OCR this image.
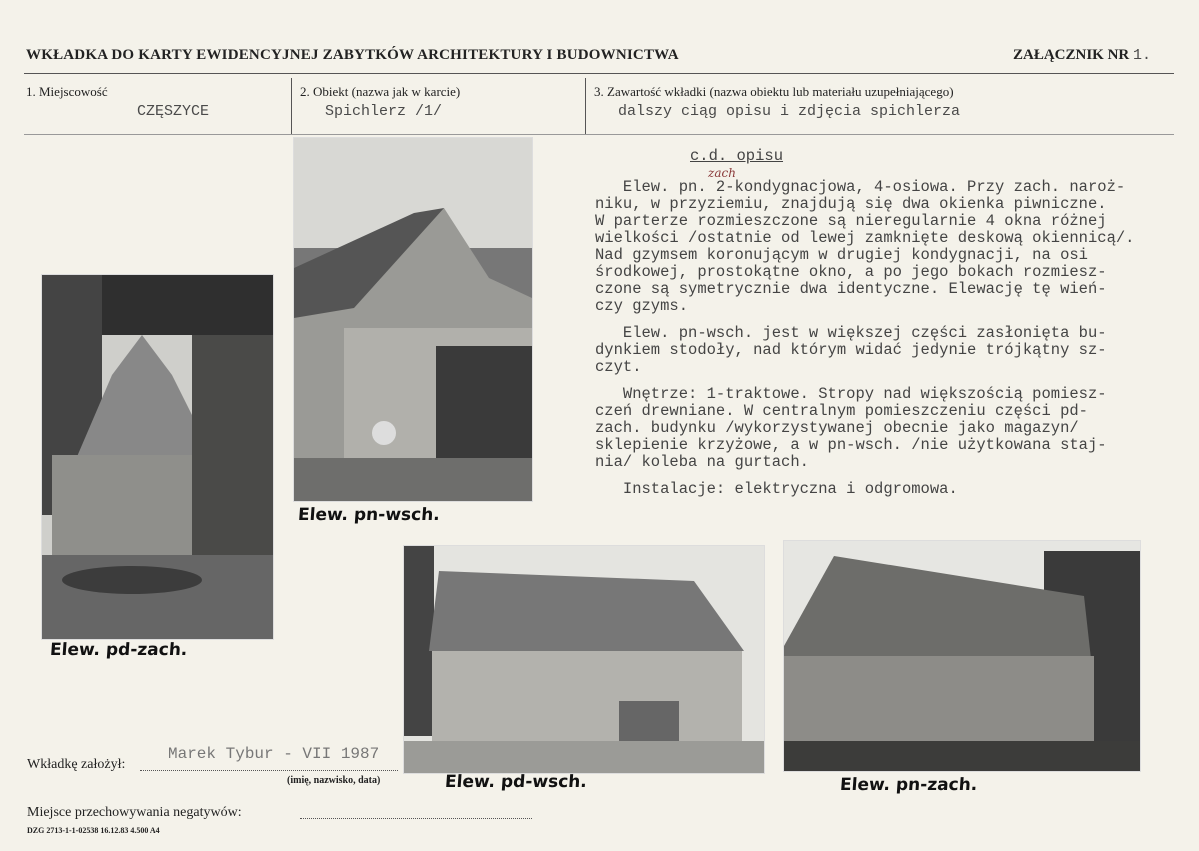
WKŁADKA DO KARTY EWIDENCYJNEJ ZABYTKÓW ARCHITEKTURY I BUDOWNICTWA	ZAŁĄCZNIK NR 1.
1. Miejscowość
CZĘSZYCE
2. Obiekt (nazwa jak w karcie)
Spichlerz /1/
3. Zawartość wkładki (nazwa obiektu lub materiału uzupełniającego)
dalszy ciąg opisu i zdjęcia spichlerza
zach
c.d. opisu
Elew. pn. 2-kondygnacjowa, 4-osiowa. Przy zach. naroż-
niku, w przyziemiu, znajdują się dwa okienka piwniczne.
W parterze rozmieszczone są nieregularnie 4 okna różnej
wielkości /ostatnie od lewej zamknięte deskową okiennicą/.
Nad gzymsem koronującym w drugiej kondygnacji, na osi
środkowej, prostokątne okno, a po jego bokach rozmiesz-
czone są symetrycznie dwa identyczne. Elewację tę wień-
czy gzyms.
Elew. pn-wsch. jest w większej części zasłonięta bu-
dynkiem stodoły, nad którym widać jedynie trójkątny sz-
czyt.
Wnętrze: 1-traktowe. Stropy nad większością pomiesz-
czeń drewniane. W centralnym pomieszczeniu części pd-
zach. budynku /wykorzystywanej obecnie jako magazyn/
sklepienie krzyżowe, a w pn-wsch. /nie użytkowana staj-
nia/ koleba na gurtach.
Instalacje: elektryczna i odgromowa.
Elew. pn-wsch.
Elew. pd-zach.
Elew. pd-wsch.	Elew. pn-zach.
Wkładkę założył:
Marek Tybur - VII 1987
(imię, nazwisko, data)
Miejsce przechowywania negatywów:
DZG 2713-1-1-02538 16.12.83 4.500 A4
